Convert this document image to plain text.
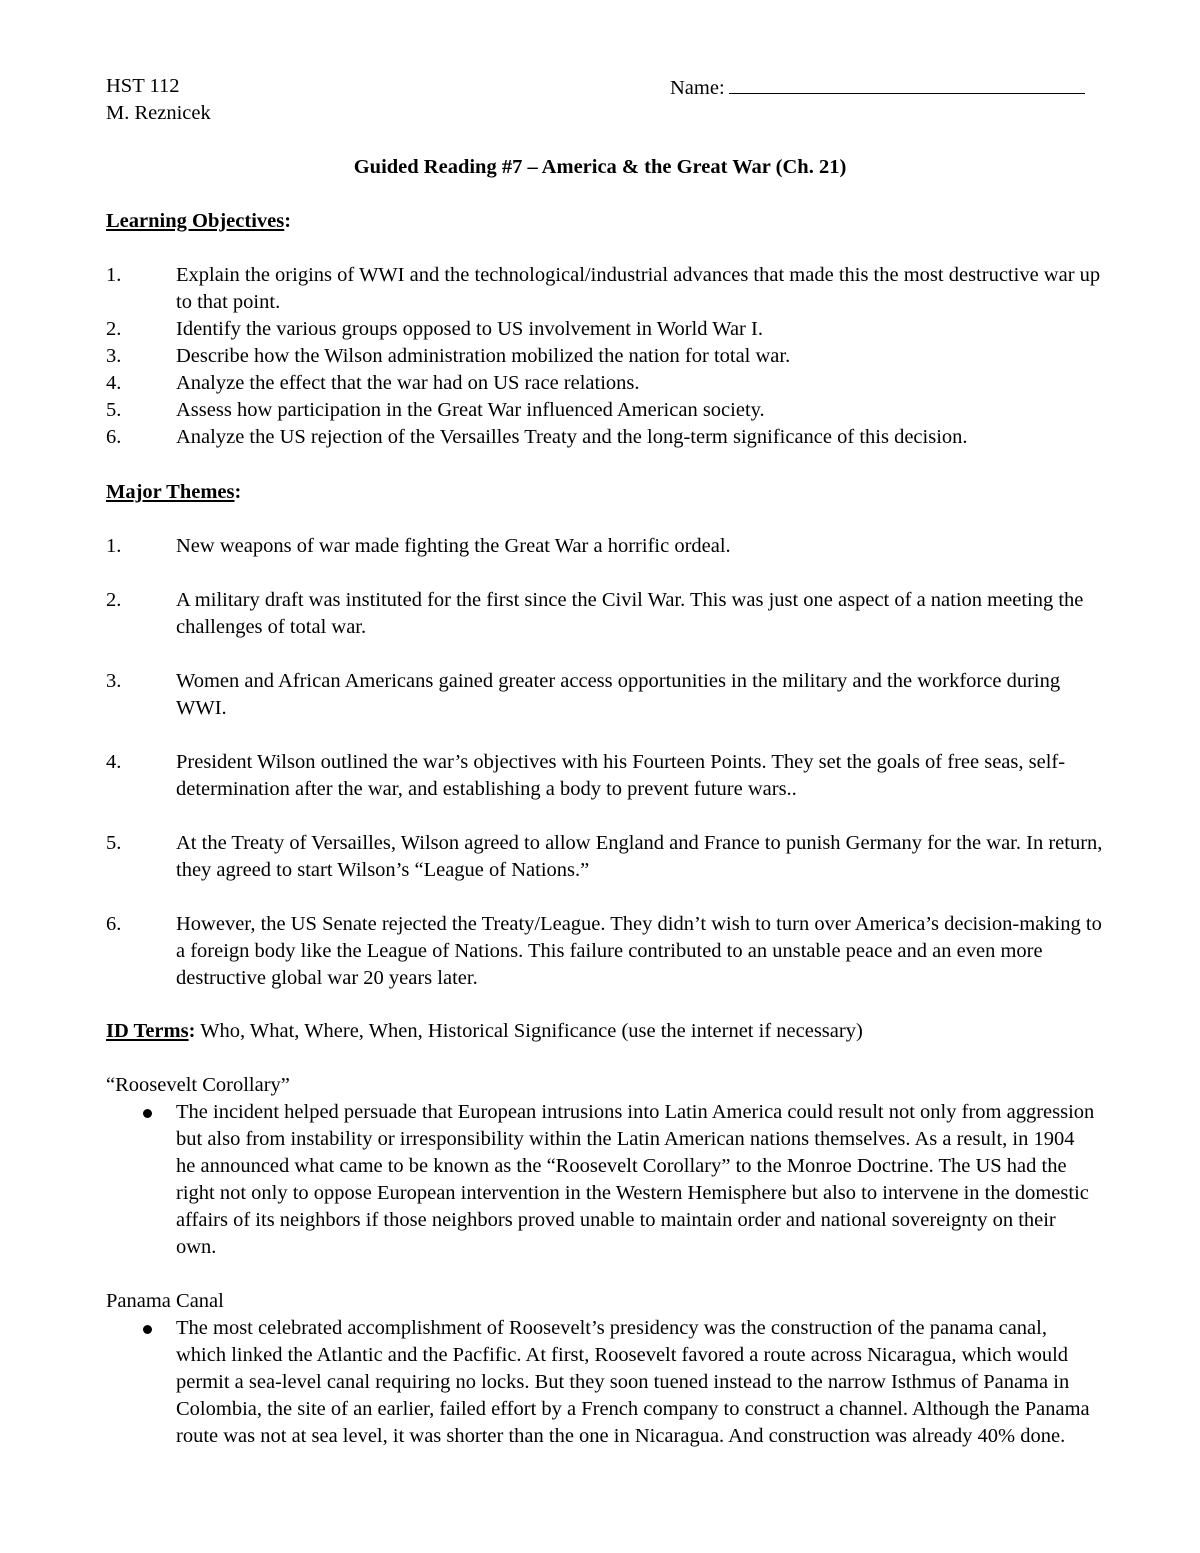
HST 112
M. Reznicek
Name:
Guided Reading #7 – America & the Great War (Ch. 21)
Learning Objectives:
1.	Explain the origins of WWI and the technological/industrial advances that made this the most destructive war up to that point.
2.	Identify the various groups opposed to US involvement in World War I.
3.	Describe how the Wilson administration mobilized the nation for total war.
4.	Analyze the effect that the war had on US race relations.
5.	Assess how participation in the Great War influenced American society.
6.	Analyze the US rejection of the Versailles Treaty and the long-term significance of this decision.
Major Themes:
1.	New weapons of war made fighting the Great War a horrific ordeal.
2.	A military draft was instituted for the first since the Civil War. This was just one aspect of a nation meeting the challenges of total war.
3.	Women and African Americans gained greater access opportunities in the military and the workforce during WWI.
4.	President Wilson outlined the war’s objectives with his Fourteen Points. They set the goals of free seas, self-determination after the war, and establishing a body to prevent future wars..
5.	At the Treaty of Versailles, Wilson agreed to allow England and France to punish Germany for the war. In return, they agreed to start Wilson’s “League of Nations.”
6.	However, the US Senate rejected the Treaty/League. They didn’t wish to turn over America’s decision-making to a foreign body like the League of Nations. This failure contributed to an unstable peace and an even more destructive global war 20 years later.
ID Terms: Who, What, Where, When, Historical Significance (use the internet if necessary)
“Roosevelt Corollary”
The incident helped persuade that European intrusions into Latin America could result not only from aggression but also from instability or irresponsibility within the Latin American nations themselves. As a result, in 1904 he announced what came to be known as the “Roosevelt Corollary” to the Monroe Doctrine. The US had the right not only to oppose European intervention in the Western Hemisphere but also to intervene in the domestic affairs of its neighbors if those neighbors proved unable to maintain order and national sovereignty on their own.
Panama Canal
The most celebrated accomplishment of Roosevelt’s presidency was the construction of the panama canal, which linked the Atlantic and the Pacfific. At first, Roosevelt favored a route across Nicaragua, which would permit a sea-level canal requiring no locks. But they soon tuened instead to the narrow Isthmus of Panama in Colombia, the site of an earlier, failed effort by a French company to construct a channel. Although the Panama route was not at sea level, it was shorter than the one in Nicaragua. And construction was already 40% done.
